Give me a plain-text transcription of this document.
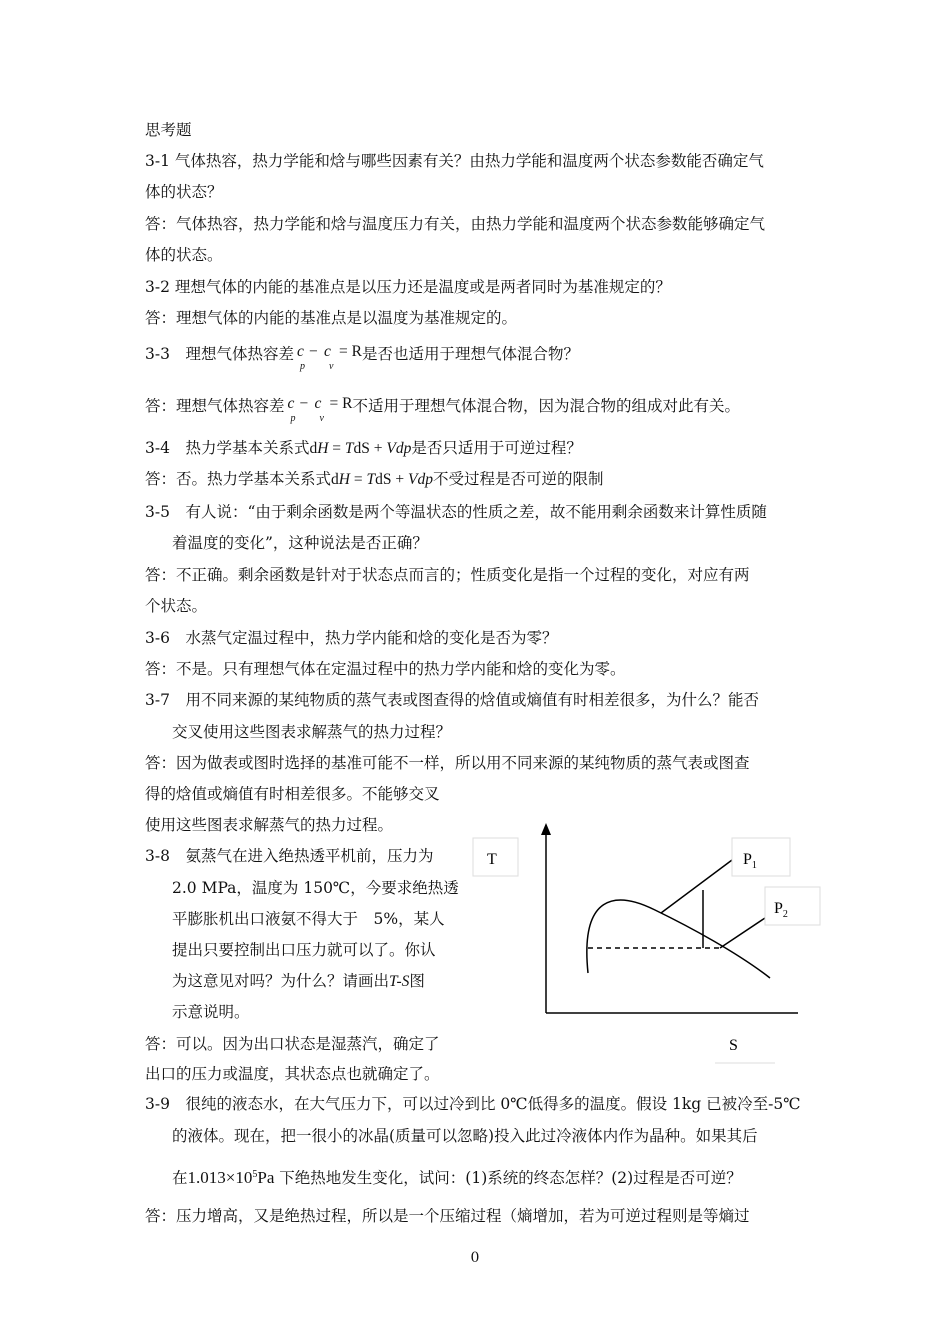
思考题
3-1 气体热容，热力学能和焓与哪些因素有关？由热力学能和温度两个状态参数能否确定气
体的状态？
答：气体热容，热力学能和焓与温度压力有关，由热力学能和温度两个状态参数能够确定气
体的状态。
3-2 理想气体的内能的基准点是以压力还是温度或是两者同时为基准规定的？
答：理想气体的内能的基准点是以温度为基准规定的。
3-3　理想气体热容差 c
p
− c
v
= R 是否也适用于理想气体混合物？
答：理想气体热容差 c
p
− c
v
= R 不适用于理想气体混合物，因为混合物的组成对此有关。
3-4　热力学基本关系式dH = TdS + Vdp是否只适用于可逆过程？
答：否。热力学基本关系式dH = TdS + Vdp不受过程是否可逆的限制
3-5　有人说：“由于剩余函数是两个等温状态的性质之差，故不能用剩余函数来计算性质随
着温度的变化”，这种说法是否正确？
答：不正确。剩余函数是针对于状态点而言的；性质变化是指一个过程的变化，对应有两
个状态。
3-6　水蒸气定温过程中，热力学内能和焓的变化是否为零？
答：不是。只有理想气体在定温过程中的热力学内能和焓的变化为零。
3-7　用不同来源的某纯物质的蒸气表或图查得的焓值或熵值有时相差很多，为什么？能否
交叉使用这些图表求解蒸气的热力过程？
答：因为做表或图时选择的基准可能不一样，所以用不同来源的某纯物质的蒸气表或图查
得的焓值或熵值有时相差很多。不能够交叉
使用这些图表求解蒸气的热力过程。
3-8　氨蒸气在进入绝热透平机前，压力为
2.0 MPa，温度为 150℃，今要求绝热透
平膨胀机出口液氨不得大于　5%，某人
提出只要控制出口压力就可以了。你认
为这意见对吗？为什么？请画出T-S图
示意说明。
答：可以。因为出口状态是湿蒸汽，确定了
出口的压力或温度，其状态点也就确定了。
T	$P_1$
$P_2$
S
3-9　很纯的液态水，在大气压力下，可以过冷到比 0℃低得多的温度。假设 1kg 已被冷至-5℃
的液体。现在，把一很小的冰晶(质量可以忽略)投入此过冷液体内作为晶种。如果其后
在$1.013\times 10^5Pa$ 下绝热地发生变化，试问：(1)系统的终态怎样？(2)过程是否可逆？
答：压力增高，又是绝热过程，所以是一个压缩过程（熵增加，若为可逆过程则是等熵过
0
